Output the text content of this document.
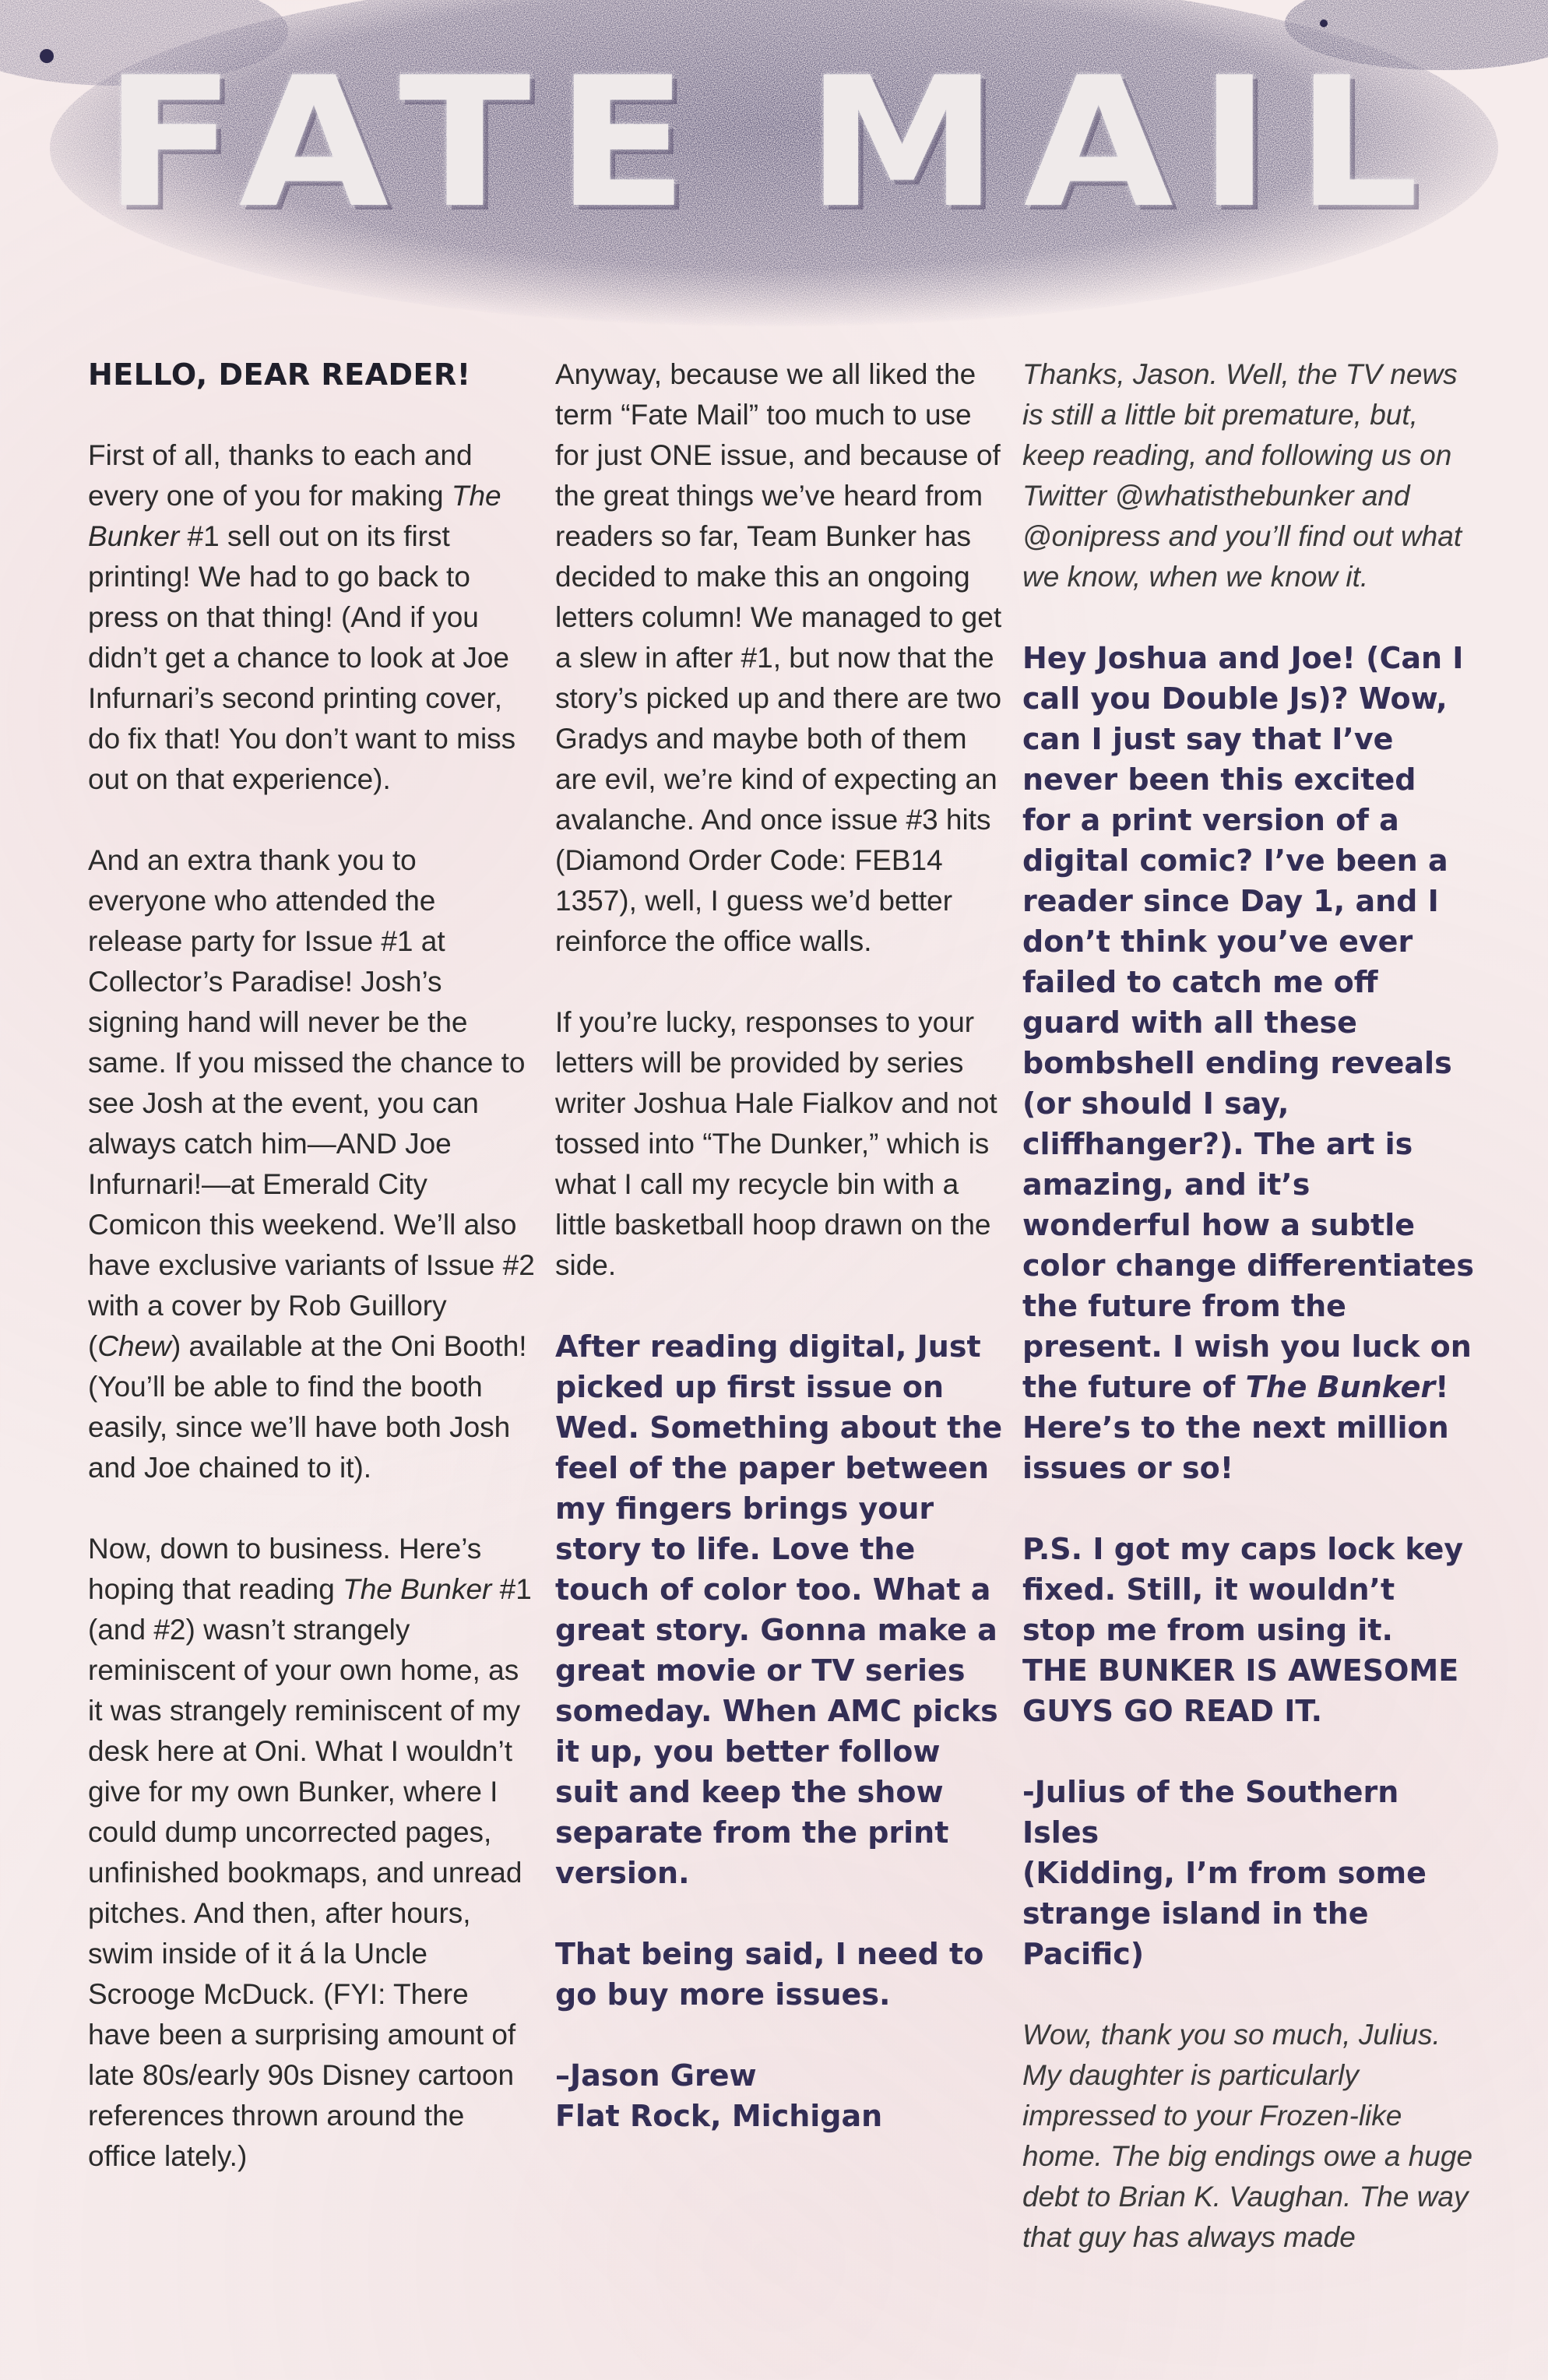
FATE MAIL
HELLO, DEAR READER!

First of all, thanks to each and every one of you for making The Bunker #1 sell out on its first printing! We had to go back to press on that thing! (And if you didn’t get a chance to look at Joe Infurnari’s second printing cover, do fix that! You don’t want to miss out on that experience).

And an extra thank you to everyone who attended the release party for Issue #1 at Collector’s Paradise! Josh’s signing hand will never be the same. If you missed the chance to see Josh at the event, you can always catch him—AND Joe Infurnari!—at Emerald City Comicon this weekend. We’ll also have exclusive variants of Issue #2 with a cover by Rob Guillory (Chew) available at the Oni Booth! (You’ll be able to find the booth easily, since we’ll have both Josh and Joe chained to it).

Now, down to business. Here’s hoping that reading The Bunker #1 (and #2) wasn’t strangely reminiscent of your own home, as it was strangely reminiscent of my desk here at Oni. What I wouldn’t give for my own Bunker, where I could dump uncorrected pages, unfinished bookmaps, and unread pitches. And then, after hours, swim inside of it á la Uncle Scrooge McDuck. (FYI: There have been a surprising amount of late 80s/early 90s Disney cartoon references thrown around the office lately.)

Anyway, because we all liked the term “Fate Mail” too much to use for just ONE issue, and because of the great things we’ve heard from readers so far, Team Bunker has decided to make this an ongoing letters column! We managed to get a slew in after #1, but now that the story’s picked up and there are two Gradys and maybe both of them are evil, we’re kind of expecting an avalanche. And once issue #3 hits (Diamond Order Code: FEB14 1357), well, I guess we’d better reinforce the office walls.

If you’re lucky, responses to your letters will be provided by series writer Joshua Hale Fialkov and not tossed into “The Dunker,” which is what I call my recycle bin with a little basketball hoop drawn on the side.

After reading digital, Just picked up first issue on Wed. Something about the feel of the paper between my fingers brings your story to life. Love the touch of color too. What a great story. Gonna make a great movie or TV series someday. When AMC picks it up, you better follow suit and keep the show separate from the print version.

That being said, I need to go buy more issues.

–Jason Grew
Flat Rock, Michigan

Thanks, Jason. Well, the TV news is still a little bit premature, but, keep reading, and following us on Twitter @whatisthebunker and @onipress and you’ll find out what we know, when we know it.

Hey Joshua and Joe! (Can I call you Double Js)? Wow, can I just say that I’ve never been this excited for a print version of a digital comic? I’ve been a reader since Day 1, and I don’t think you’ve ever failed to catch me off guard with all these bombshell ending reveals (or should I say, cliffhanger?). The art is amazing, and it’s wonderful how a subtle color change differentiates the future from the present. I wish you luck on the future of The Bunker! Here’s to the next million issues or so!

P.S. I got my caps lock key fixed. Still, it wouldn’t stop me from using it.
THE BUNKER IS AWESOME GUYS GO READ IT.
-Julius of the Southern Isles
(Kidding, I’m from some strange island in the Pacific)

Wow, thank you so much, Julius. My daughter is particularly impressed to your Frozen-like home. The big endings owe a huge debt to Brian K. Vaughan. The way that guy has always made
